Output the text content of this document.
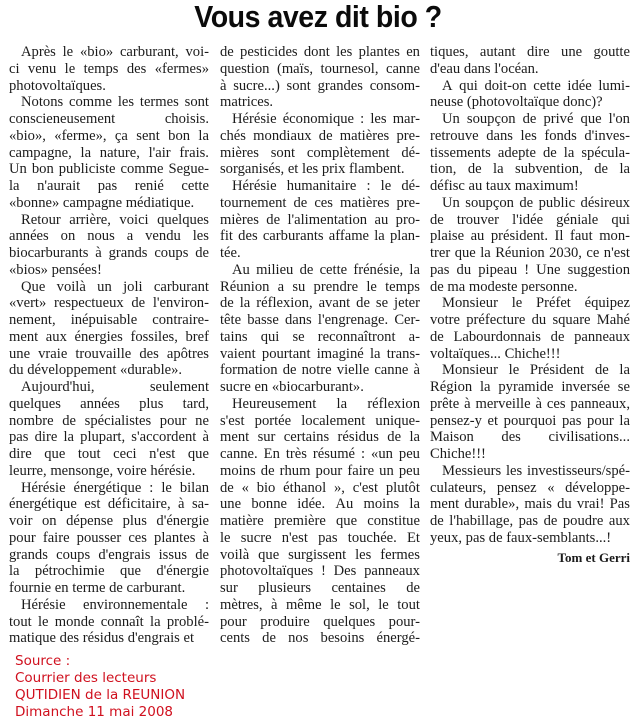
Vous avez dit bio ?
Après le «bio» carburant, voi-
ci venu le temps des «fermes»
photovoltaïques.
Notons comme les termes sont
conscieneusement	choisis.
«bio», «ferme», ça sent bon la
campagne, la nature, l'air frais.
Un bon publiciste comme Segue-
la n'aurait pas renié cette
«bonne» campagne médiatique.
Retour arrière, voici quelques
années on nous a vendu les
biocarburants à grands coups de
«bios» pensées!
Que voilà un joli carburant
«vert» respectueux de l'environ-
nement, inépuisable contraire-
ment aux énergies fossiles, bref
une vraie trouvaille des apôtres
du développement «durable».
Aujourd'hui,	seulement
quelques années plus tard,
nombre de spécialistes pour ne
pas dire la plupart, s'accordent à
dire que tout ceci n'est que
leurre, mensonge, voire hérésie.
Hérésie énergétique : le bilan
énergétique est déficitaire, à sa-
voir on dépense plus d'énergie
pour faire pousser ces plantes à
grands coups d'engrais issus de
la pétrochimie que d'énergie
fournie en terme de carburant.
Hérésie environnementale :
tout le monde connaît la problé-
matique des résidus d'engrais et
de pesticides dont les plantes en
question (maïs, tournesol, canne
à sucre...) sont grandes consom-
matrices.
Hérésie économique : les mar-
chés mondiaux de matières pre-
mières sont complètement dé-
sorganisés, et les prix flambent.
Hérésie humanitaire : le dé-
tournement de ces matières pre-
mières de l'alimentation au pro-
fit des carburants affame la plan-
tée.
Au milieu de cette frénésie, la
Réunion a su prendre le temps
de la réflexion, avant de se jeter
tête basse dans l'engrenage. Cer-
tains qui se reconnaîtront a-
vaient pourtant imaginé la trans-
formation de notre vielle canne à
sucre en «biocarburant».
Heureusement la réflexion
s'est portée localement unique-
ment sur certains résidus de la
canne. En très résumé : «un peu
moins de rhum pour faire un peu
de « bio éthanol », c'est plutôt
une bonne idée. Au moins la
matière première que constitue
le sucre n'est pas touchée. Et
voilà que surgissent les fermes
photovoltaïques ! Des panneaux
sur plusieurs centaines de
mètres, à même le sol, le tout
pour produire quelques pour-
cents de nos besoins énergé-
tiques, autant dire une goutte
d'eau dans l'océan.
A qui doit-on cette idée lumi-
neuse (photovoltaïque donc)?
Un soupçon de privé que l'on
retrouve dans les fonds d'inves-
tissements adepte de la spécula-
tion, de la subvention, de la
défisc au taux maximum!
Un soupçon de public désireux
de trouver l'idée géniale qui
plaise au président. Il faut mon-
trer que la Réunion 2030, ce n'est
pas du pipeau ! Une suggestion
de ma modeste personne.
Monsieur le Préfet équipez
votre préfecture du square Mahé
de Labourdonnais de panneaux
voltaïques... Chiche!!!
Monsieur le Président de la
Région la pyramide inversée se
prête à merveille à ces panneaux,
pensez-y et pourquoi pas pour la
Maison des civilisations...
Chiche!!!
Messieurs les investisseurs/spé-
culateurs, pensez « développe-
ment durable», mais du vrai! Pas
de l'habillage, pas de poudre aux
yeux, pas de faux-semblants...!
Tom et Gerri
Source :
Courrier des lecteurs
QUTIDIEN de la REUNION
Dimanche 11 mai 2008
